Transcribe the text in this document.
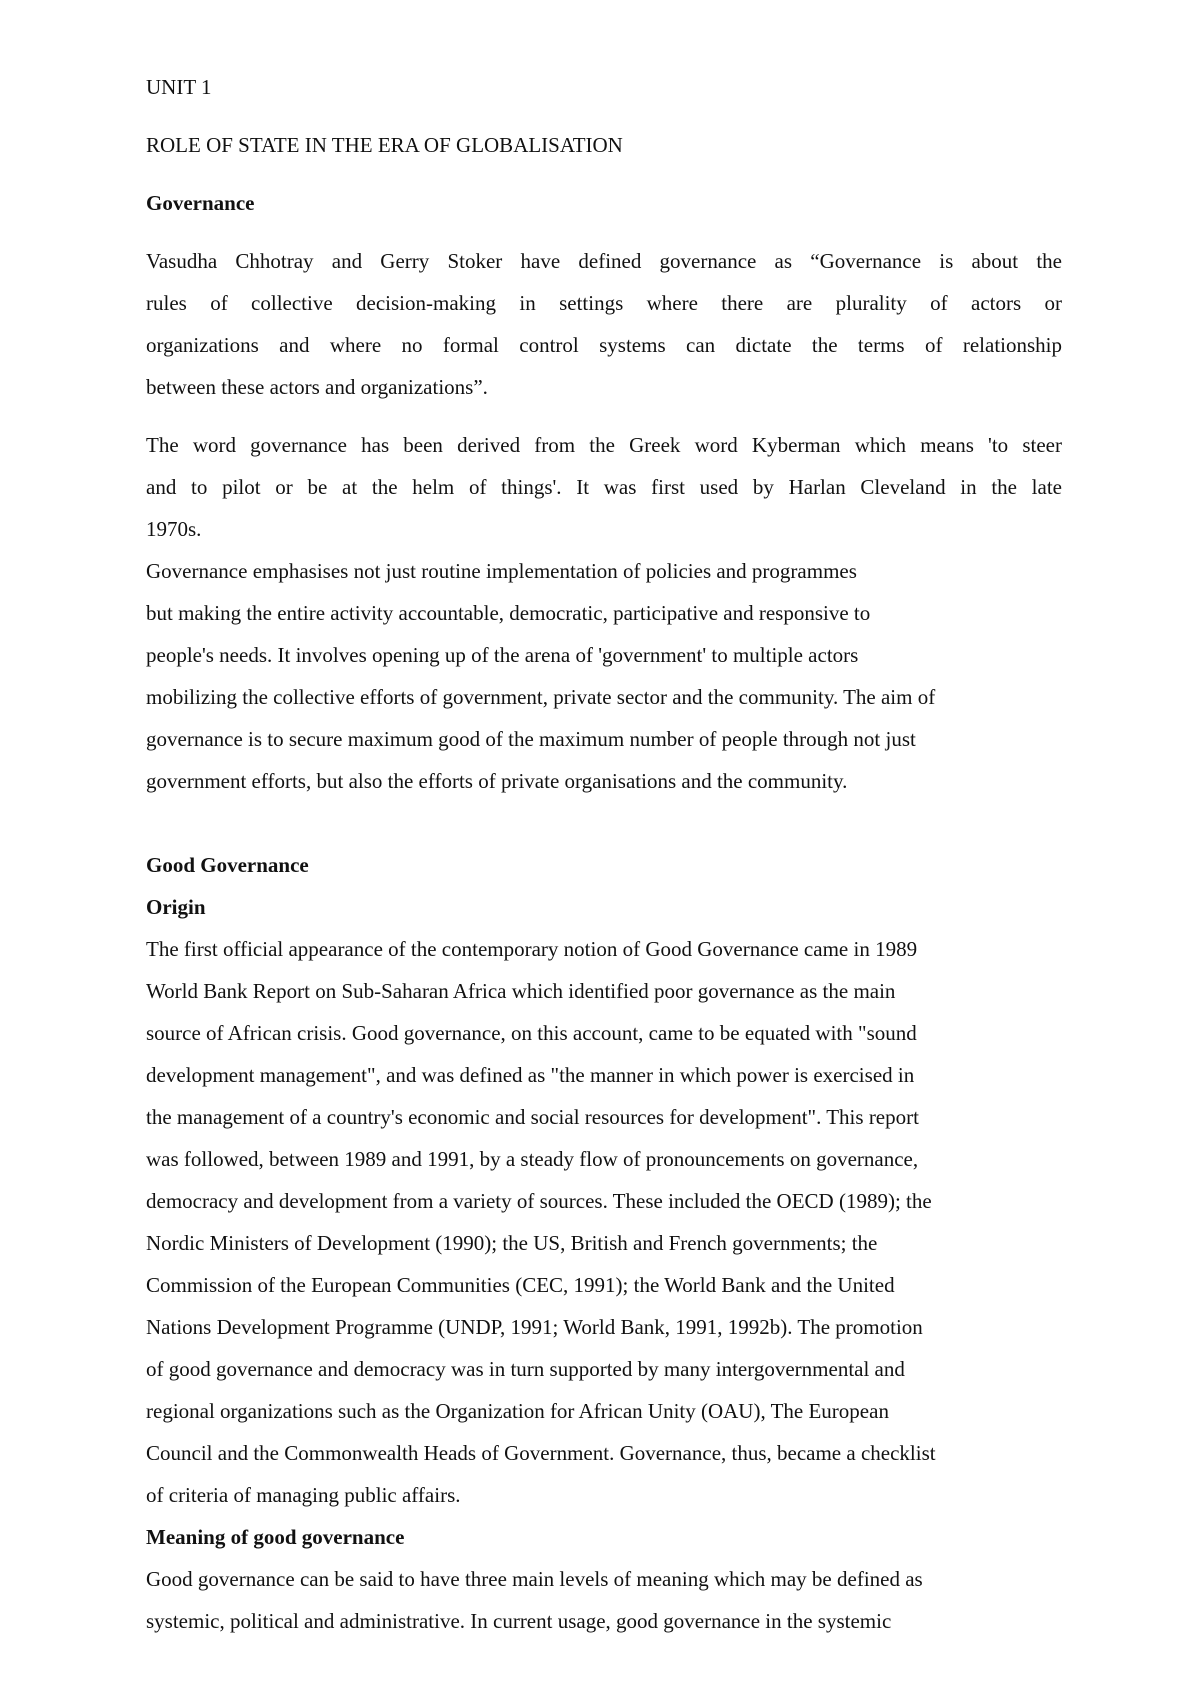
UNIT 1
ROLE OF STATE IN THE ERA OF GLOBALISATION
Governance
Vasudha Chhotray and Gerry Stoker have defined governance as “Governance is about the
rules of collective decision-making in settings where there are plurality of actors or
organizations and where no formal control systems can dictate the terms of relationship
between these actors and organizations”.
The word governance has been derived from the Greek word Kyberman which means 'to steer
and to pilot or be at the helm of things'. It was first used by Harlan Cleveland in the late
1970s.
Governance emphasises not just routine implementation of policies and programmes
but making the entire activity accountable, democratic, participative and responsive to
people's needs. It involves opening up of the arena of 'government' to multiple actors
mobilizing the collective efforts of government, private sector and the community. The aim of
governance is to secure maximum good of the maximum number of people through not just
government efforts, but also the efforts of private organisations and the community.
Good Governance
Origin
The first official appearance of the contemporary notion of Good Governance came in 1989
World Bank Report on Sub-Saharan Africa which identified poor governance as the main
source of African crisis. Good governance, on this account, came to be equated with "sound
development management", and was defined as "the manner in which power is exercised in
the management of a country's economic and social resources for development". This report
was followed, between 1989 and 1991, by a steady flow of pronouncements on governance,
democracy and development from a variety of sources. These included the OECD (1989); the
Nordic Ministers of Development (1990); the US, British and French governments; the
Commission of the European Communities (CEC, 1991); the World Bank and the United
Nations Development Programme (UNDP, 1991; World Bank, 1991, 1992b). The promotion
of good governance and democracy was in turn supported by many intergovernmental and
regional organizations such as the Organization for African Unity (OAU), The European
Council and the Commonwealth Heads of Government. Governance, thus, became a checklist
of criteria of managing public affairs.
Meaning of good governance
Good governance can be said to have three main levels of meaning which may be defined as
systemic, political and administrative. In current usage, good governance in the systemic
